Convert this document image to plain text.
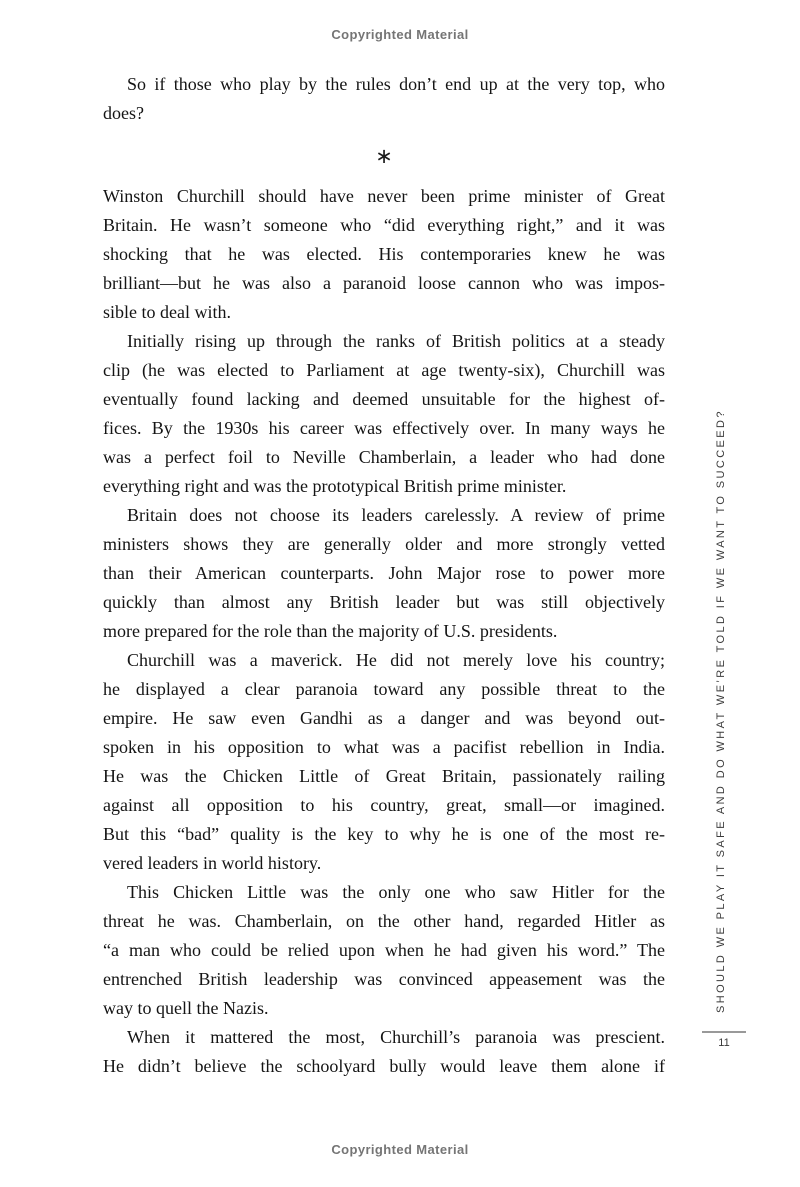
Copyrighted Material
So if those who play by the rules don’t end up at the very top, who
does?
∗
Winston Churchill should have never been prime minister of Great
Britain. He wasn’t someone who “did everything right,” and it was
shocking that he was elected. His contemporaries knew he was
brilliant—but he was also a paranoid loose cannon who was impos-
sible to deal with.
Initially rising up through the ranks of British politics at a steady
clip (he was elected to Parliament at age twenty-six), Churchill was
eventually found lacking and deemed unsuitable for the highest of-
fices. By the 1930s his career was effectively over. In many ways he
was a perfect foil to Neville Chamberlain, a leader who had done
everything right and was the prototypical British prime minister.
Britain does not choose its leaders carelessly. A review of prime
ministers shows they are generally older and more strongly vetted
than their American counterparts. John Major rose to power more
quickly than almost any British leader but was still objectively
more prepared for the role than the majority of U.S. presidents.
Churchill was a maverick. He did not merely love his country;
he displayed a clear paranoia toward any possible threat to the
empire. He saw even Gandhi as a danger and was beyond out-
spoken in his opposition to what was a pacifist rebellion in India.
He was the Chicken Little of Great Britain, passionately railing
against all opposition to his country, great, small—or imagined.
But this “bad” quality is the key to why he is one of the most re-
vered leaders in world history.
This Chicken Little was the only one who saw Hitler for the
threat he was. Chamberlain, on the other hand, regarded Hitler as
“a man who could be relied upon when he had given his word.” The
entrenched British leadership was convinced appeasement was the
way to quell the Nazis.
When it mattered the most, Churchill’s paranoia was prescient.
He didn’t believe the schoolyard bully would leave them alone if
SHOULD WE PLAY IT SAFE AND DO WHAT WE’RE TOLD IF WE WANT TO SUCCEED?
11
Copyrighted Material
